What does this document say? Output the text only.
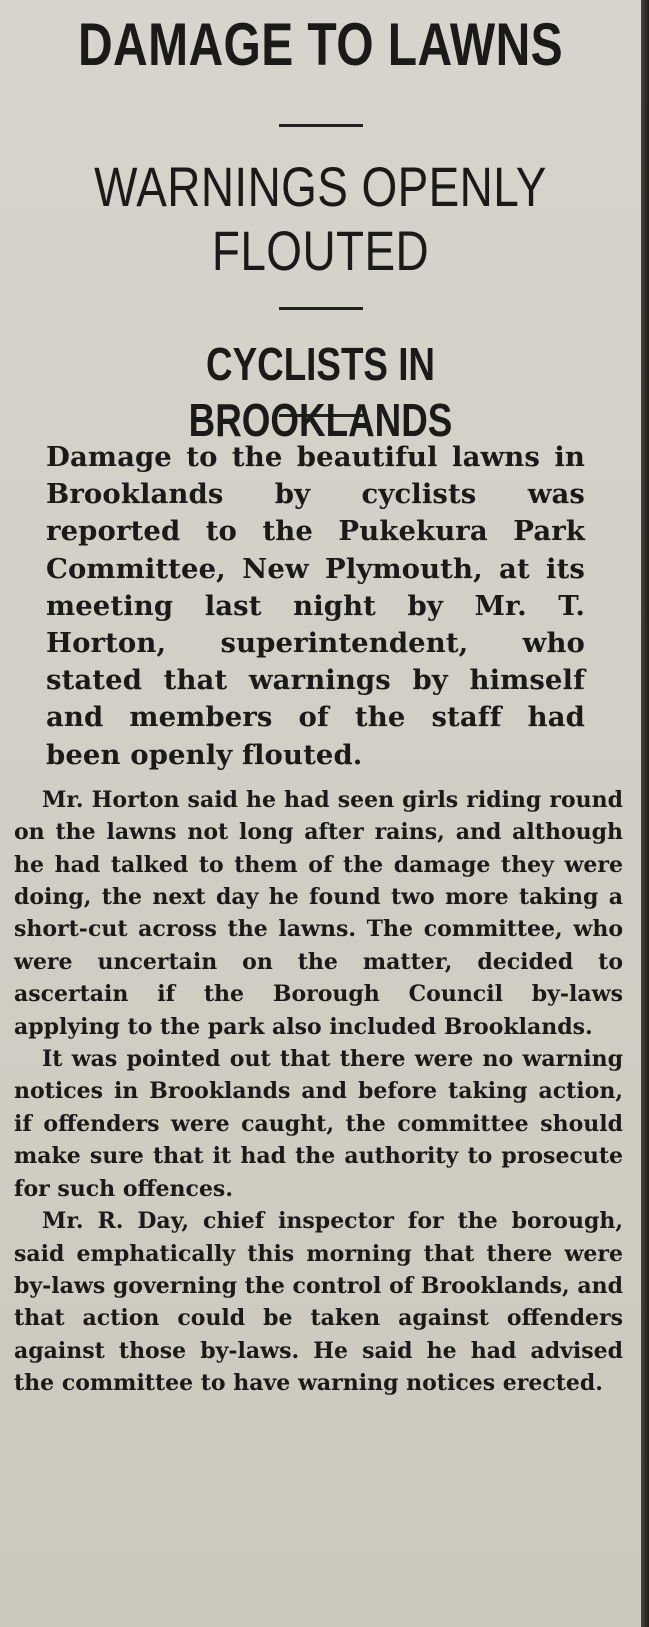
DAMAGE TO LAWNS
WARNINGS OPENLY FLOUTED
CYCLISTS IN BROOKLANDS

Damage to the beautiful lawns in Brooklands by cyclists was reported to the Pukekura Park Committee, New Plymouth, at its meeting last night by Mr. T. Horton, superintendent, who stated that warnings by himself and members of the staff had been openly flouted.

Mr. Horton said he had seen girls riding round on the lawns not long after rains, and although he had talked to them of the damage they were doing, the next day he found two more taking a short-cut across the lawns. The committee, who were uncertain on the matter, decided to ascertain if the Borough Council by-laws applying to the park also included Brooklands.

It was pointed out that there were no warning notices in Brooklands and before taking action, if offenders were caught, the committee should make sure that it had the authority to prosecute for such offences.

Mr. R. Day, chief inspector for the borough, said emphatically this morning that there were by-laws governing the control of Brooklands, and that action could be taken against offenders against those by-laws. He said he had advised the committee to have warning notices erected.
